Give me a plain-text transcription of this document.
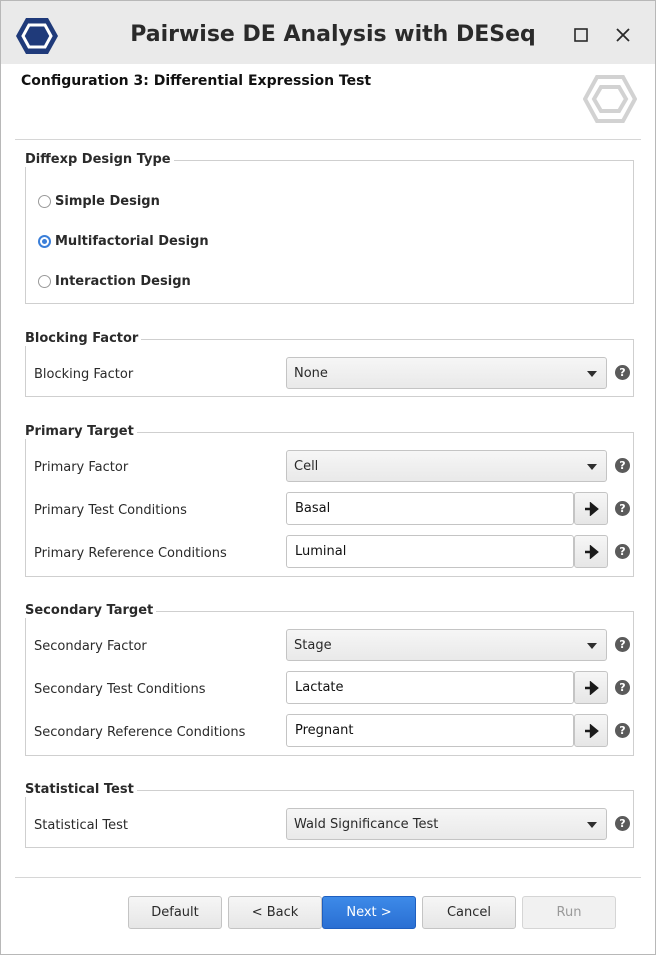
Pairwise DE Analysis with DESeq
Configuration 3: Differential Expression Test
Diffexp Design Type
Simple Design
Multifactorial Design
Interaction Design
Blocking Factor
Blocking Factor	None	?
Primary Target
Primary Factor	Cell	?
Primary Test Conditions	Basal	?
Primary Reference Conditions	Luminal	?
Secondary Target
Secondary Factor	Stage	?
Secondary Test Conditions	Lactate	?
Secondary Reference Conditions	Pregnant	?
Statistical Test
Statistical Test	Wald Significance Test	?
Default	< Back	Next >	Cancel	Run
